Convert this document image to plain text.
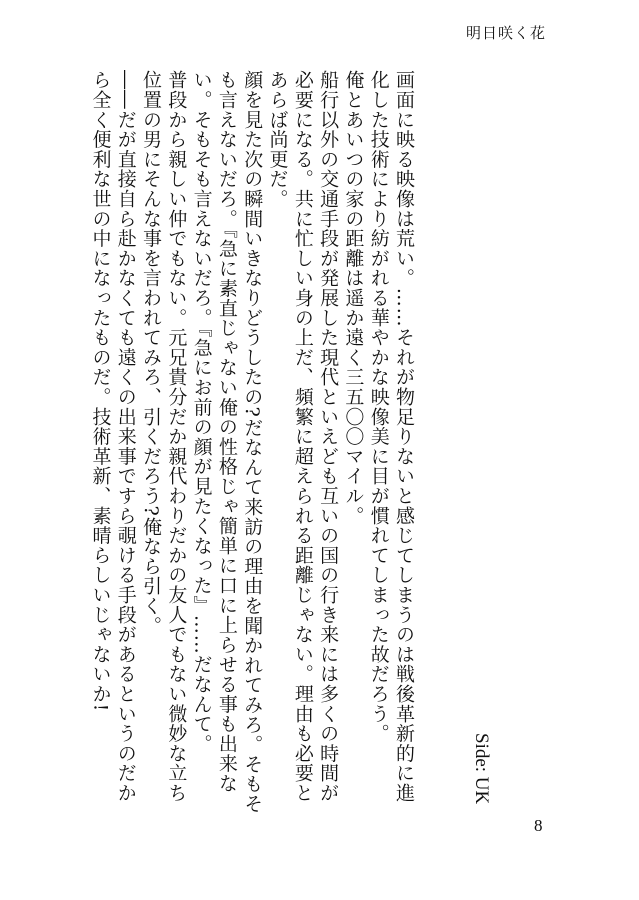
明日咲く花
Side: UK

画面に映る映像は荒い。……それが物足りないと感じてしまうのは戦後革新的に進化した技術により紡がれる華やかな映像美に目が慣れてしまった故だろう。

俺とあいつの家の距離は遥か遠く三五〇〇マイル。

船行以外の交通手段が発展した現代といえども互いの国の行き来には多くの時間が必要になる。共に忙しい身の上だ、頻繁に超えられる距離じゃない。理由も必要とあらば尚更だ。

顔を見た次の瞬間いきなりどうしたの?だなんて来訪の理由を聞かれてみろ。そもそも言えないだろ。『急に素直じゃない俺の性格じゃ簡単に口に上らせる事も出来ない。そもそも言えないだろ。『急にお前の顔が見たくなった』……だなんて。

普段から親しい仲でもない。元兄貴分だか親代わりだかの友人でもない微妙な立ち位置の男にそんな事を言われてみろ、引くだろう?俺なら引く。

――だが直接自ら赴かなくても遠くの出来事ですら覗ける手段があるというのだから全く便利な世の中になったものだ。技術革新、素晴らしいじゃないか!

8
